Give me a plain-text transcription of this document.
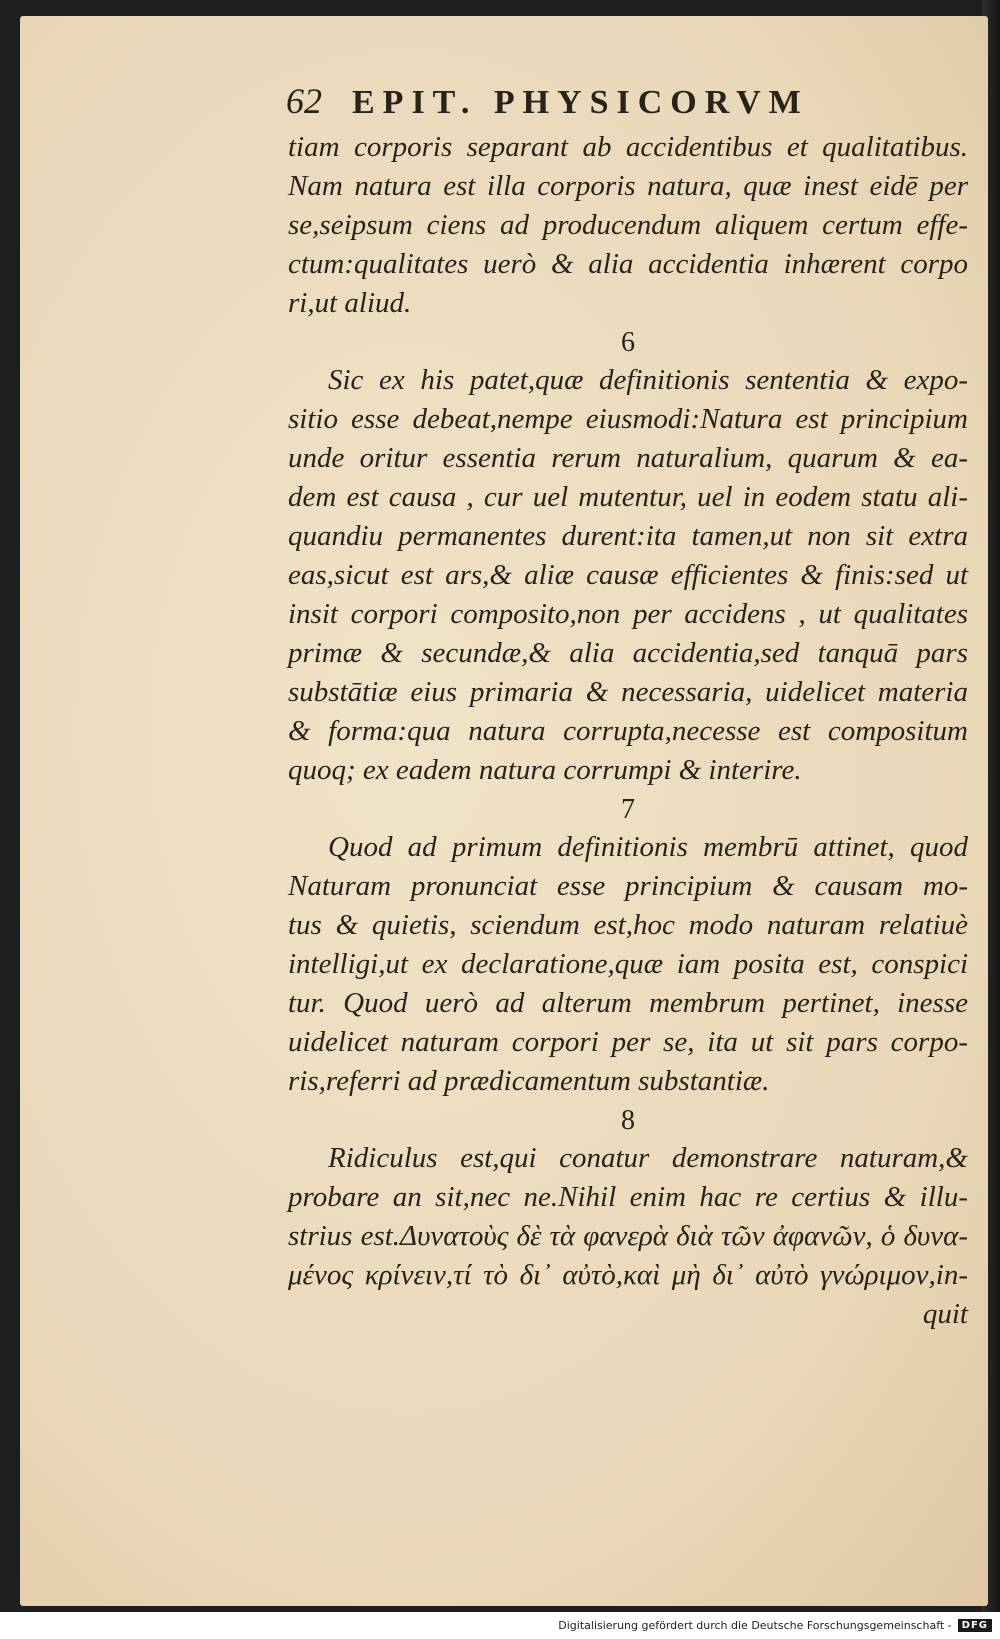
62 EPIT. PHYSICORVM
tiam corporis separant ab accidentibus et qualitatibus.
Nam natura est illa corporis natura, quæ inest eidē per
se,seipsum ciens ad producendum aliquem certum effe-
ctum:qualitates uerò & alia accidentia inhærent corpo
ri,ut aliud.
6
Sic ex his patet,quæ definitionis sententia & expo-
sitio esse debeat,nempe eiusmodi:Natura est principium
unde oritur essentia rerum naturalium, quarum & ea-
dem est causa , cur uel mutentur, uel in eodem statu ali-
quandiu permanentes durent:ita tamen,ut non sit extra
eas,sicut est ars,& aliæ causæ efficientes & finis:sed ut
insit corpori composito,non per accidens , ut qualitates
primæ & secundæ,& alia accidentia,sed tanquā pars
substātiæ eius primaria & necessaria, uidelicet materia
& forma:qua natura corrupta,necesse est compositum
quoq; ex eadem natura corrumpi & interire.
7
Quod ad primum definitionis membrū attinet, quod
Naturam pronunciat esse principium & causam mo-
tus & quietis, sciendum est,hoc modo naturam relatiuè
intelligi,ut ex declaratione,quæ iam posita est, conspici
tur. Quod uerò ad alterum membrum pertinet, inesse
uidelicet naturam corpori per se, ita ut sit pars corpo-
ris,referri ad prædicamentum substantiæ.
8
Ridiculus est,qui conatur demonstrare naturam,&
probare an sit,nec ne.Nihil enim hac re certius & illu-
strius est.Δυνατοὺς δὲ τὰ φανερὰ διὰ τῶν ἀφανῶν, ὁ δυνα-
μένος κρίνειν,τί τὸ δι᾽ αὐτὸ,καὶ μὴ δι᾽ αὐτὸ γνώριμον,in-
quit
Digitalisierung gefördert durch die Deutsche Forschungsgemeinschaft -	DFG
